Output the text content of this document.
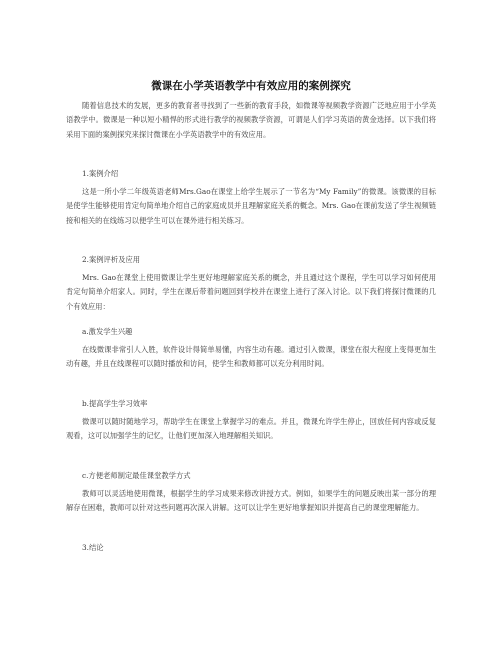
微课在小学英语教学中有效应用的案例探究

随着信息技术的发展，更多的教育者寻找到了一些新的教育手段，如微课等视频教学资源广泛地应用于小学英语教学中。微课是一种以短小精悍的形式进行教学的视频教学资源，可谓是人们学习英语的黄金选择。以下我们将采用下面的案例探究来探讨微课在小学英语教学中的有效应用。

1.案例介绍

这是一所小学二年级英语老师Mrs.Gao在课堂上给学生展示了一节名为“My Family”的微课。该微课的目标是使学生能够使用肯定句简单地介绍自己的家庭成员并且理解家庭关系的概念。Mrs. Gao在课前发送了学生视频链接和相关的在线练习以便学生可以在课外进行相关练习。

2.案例评析及应用

Mrs. Gao在课堂上使用微课让学生更好地理解家庭关系的概念，并且通过这个课程，学生可以学习如何使用肯定句简单介绍家人。同时，学生在课后带着问题回到学校并在课堂上进行了深入讨论。以下我们将探讨微课的几个有效应用：

a.激发学生兴趣

在线微课非常引人入胜，软件设计得简单易懂，内容生动有趣。通过引入微课，课堂在很大程度上变得更加生动有趣，并且在线课程可以随时播放和访问，使学生和教师都可以充分利用时间。

b.提高学生学习效率

微课可以随时随地学习，帮助学生在课堂上掌握学习的难点。并且，微课允许学生停止，回放任何内容或反复观看，这可以加强学生的记忆，让他们更加深入地理解相关知识。

c.方便老师制定最佳课堂教学方式

教师可以灵活地使用微课，根据学生的学习成果来修改讲授方式。例如，如果学生的问题反映出某一部分的理解存在困难，教师可以针对这些问题再次深入讲解。这可以让学生更好地掌握知识并提高自己的课堂理解能力。

3.结论
